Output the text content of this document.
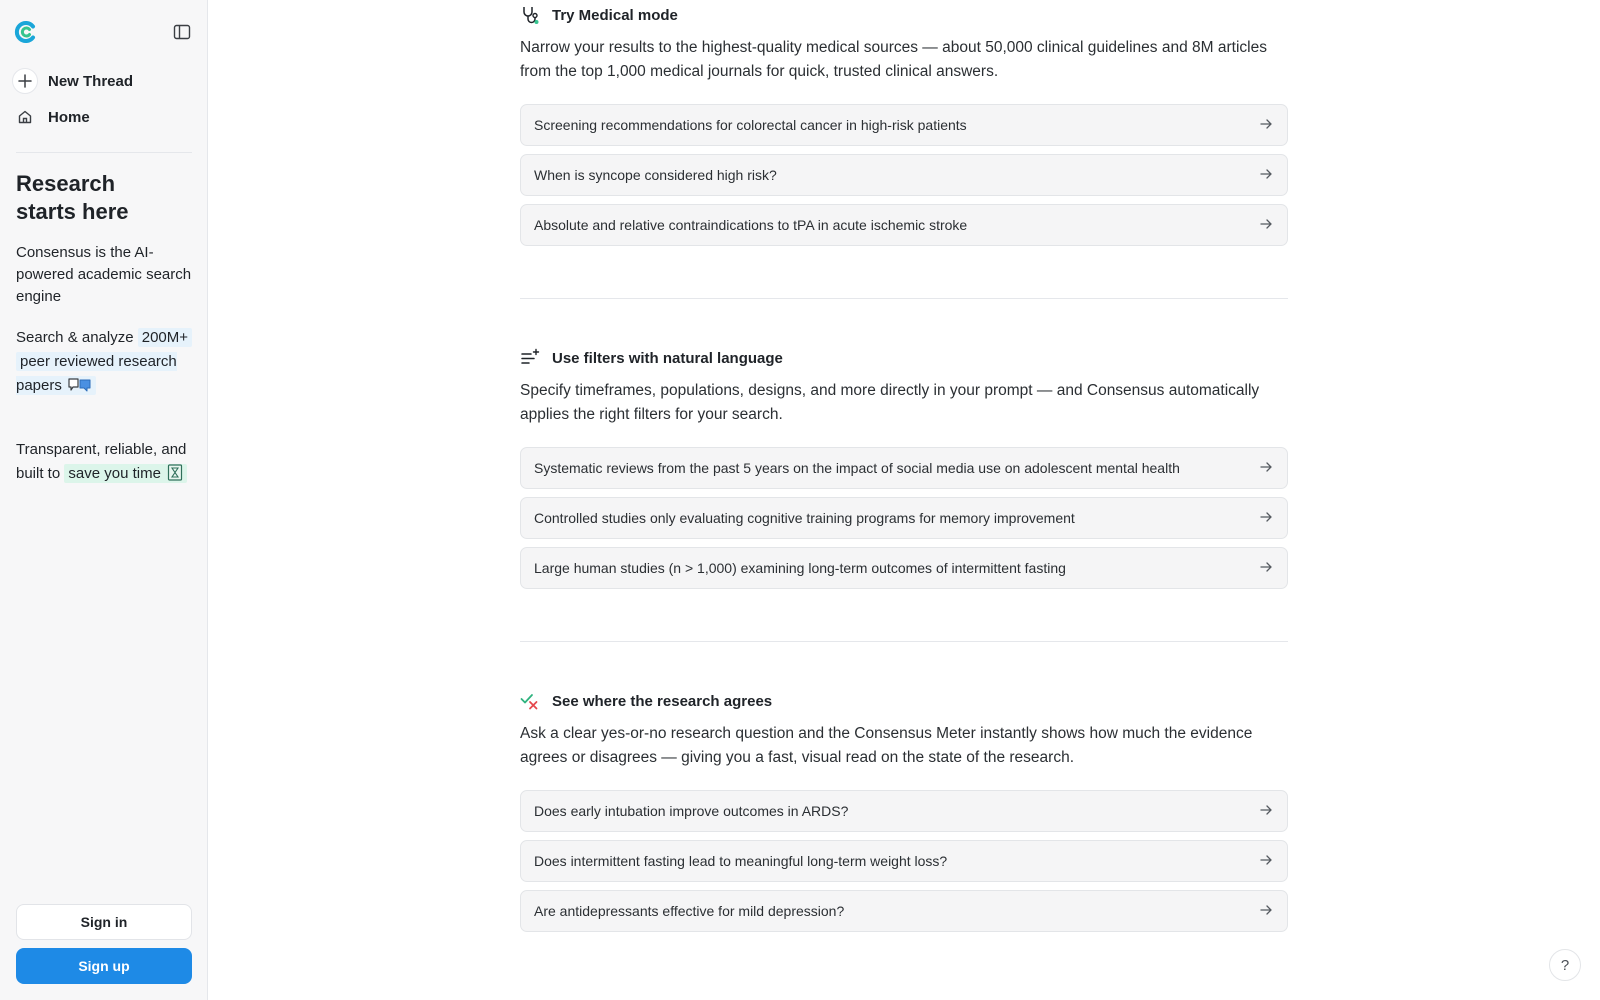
New Thread
Home
Research
starts here
Consensus is the AI-powered academic search engine
Search & analyze 200M+ peer reviewed research papers
Transparent, reliable, and built to save you time
Sign in
Sign up
Try Medical mode

Narrow your results to the highest-quality medical sources — about 50,000 clinical guidelines and 8M articles from the top 1,000 medical journals for quick, trusted clinical answers.

Screening recommendations for colorectal cancer in high-risk patients
When is syncope considered high risk?
Absolute and relative contraindications to tPA in acute ischemic stroke
Use filters with natural language

Specify timeframes, populations, designs, and more directly in your prompt — and Consensus automatically applies the right filters for your search.

Systematic reviews from the past 5 years on the impact of social media use on adolescent mental health
Controlled studies only evaluating cognitive training programs for memory improvement
Large human studies (n > 1,000) examining long-term outcomes of intermittent fasting
See where the research agrees

Ask a clear yes-or-no research question and the Consensus Meter instantly shows how much the evidence agrees or disagrees — giving you a fast, visual read on the state of the research.

Does early intubation improve outcomes in ARDS?
Does intermittent fasting lead to meaningful long-term weight loss?
Are antidepressants effective for mild depression?
?
